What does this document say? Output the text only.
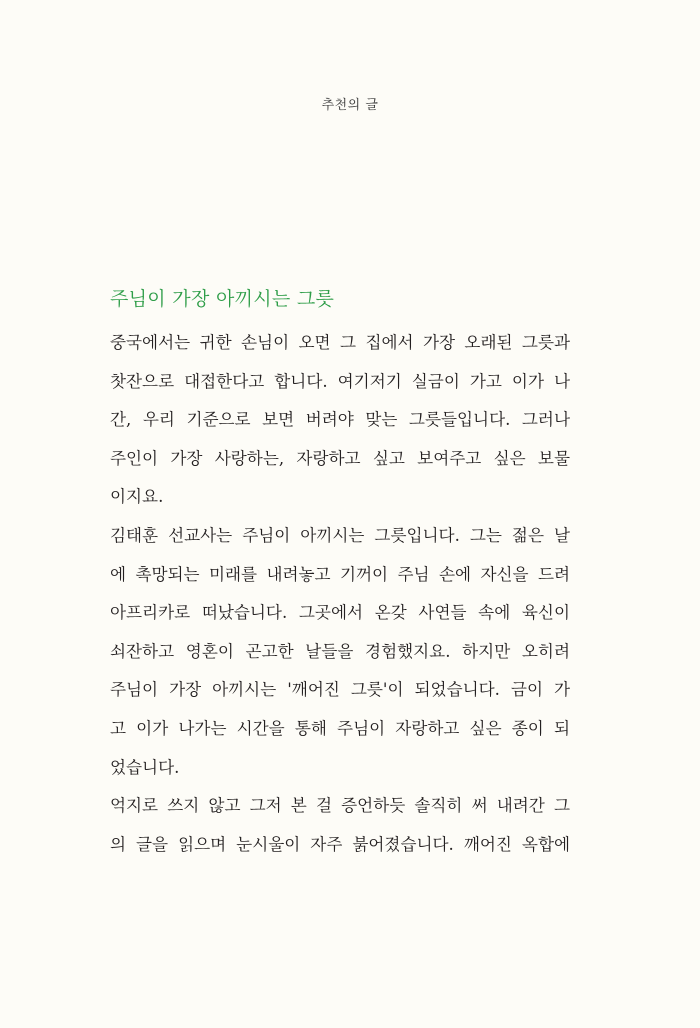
추천의 글
주님이 가장 아끼시는 그릇
중국에서는 귀한 손님이 오면 그 집에서 가장 오래된 그릇과
찻잔으로 대접한다고 합니다. 여기저기 실금이 가고 이가 나
간, 우리 기준으로 보면 버려야 맞는 그릇들입니다. 그러나
주인이 가장 사랑하는, 자랑하고 싶고 보여주고 싶은 보물
이지요.
김태훈 선교사는 주님이 아끼시는 그릇입니다. 그는 젊은 날
에 촉망되는 미래를 내려놓고 기꺼이 주님 손에 자신을 드려
아프리카로 떠났습니다. 그곳에서 온갖 사연들 속에 육신이
쇠잔하고 영혼이 곤고한 날들을 경험했지요. 하지만 오히려
주님이 가장 아끼시는 '깨어진 그릇'이 되었습니다. 금이 가
고 이가 나가는 시간을 통해 주님이 자랑하고 싶은 종이 되
었습니다.
억지로 쓰지 않고 그저 본 걸 증언하듯 솔직히 써 내려간 그
의 글을 읽으며 눈시울이 자주 붉어졌습니다. 깨어진 옥합에
